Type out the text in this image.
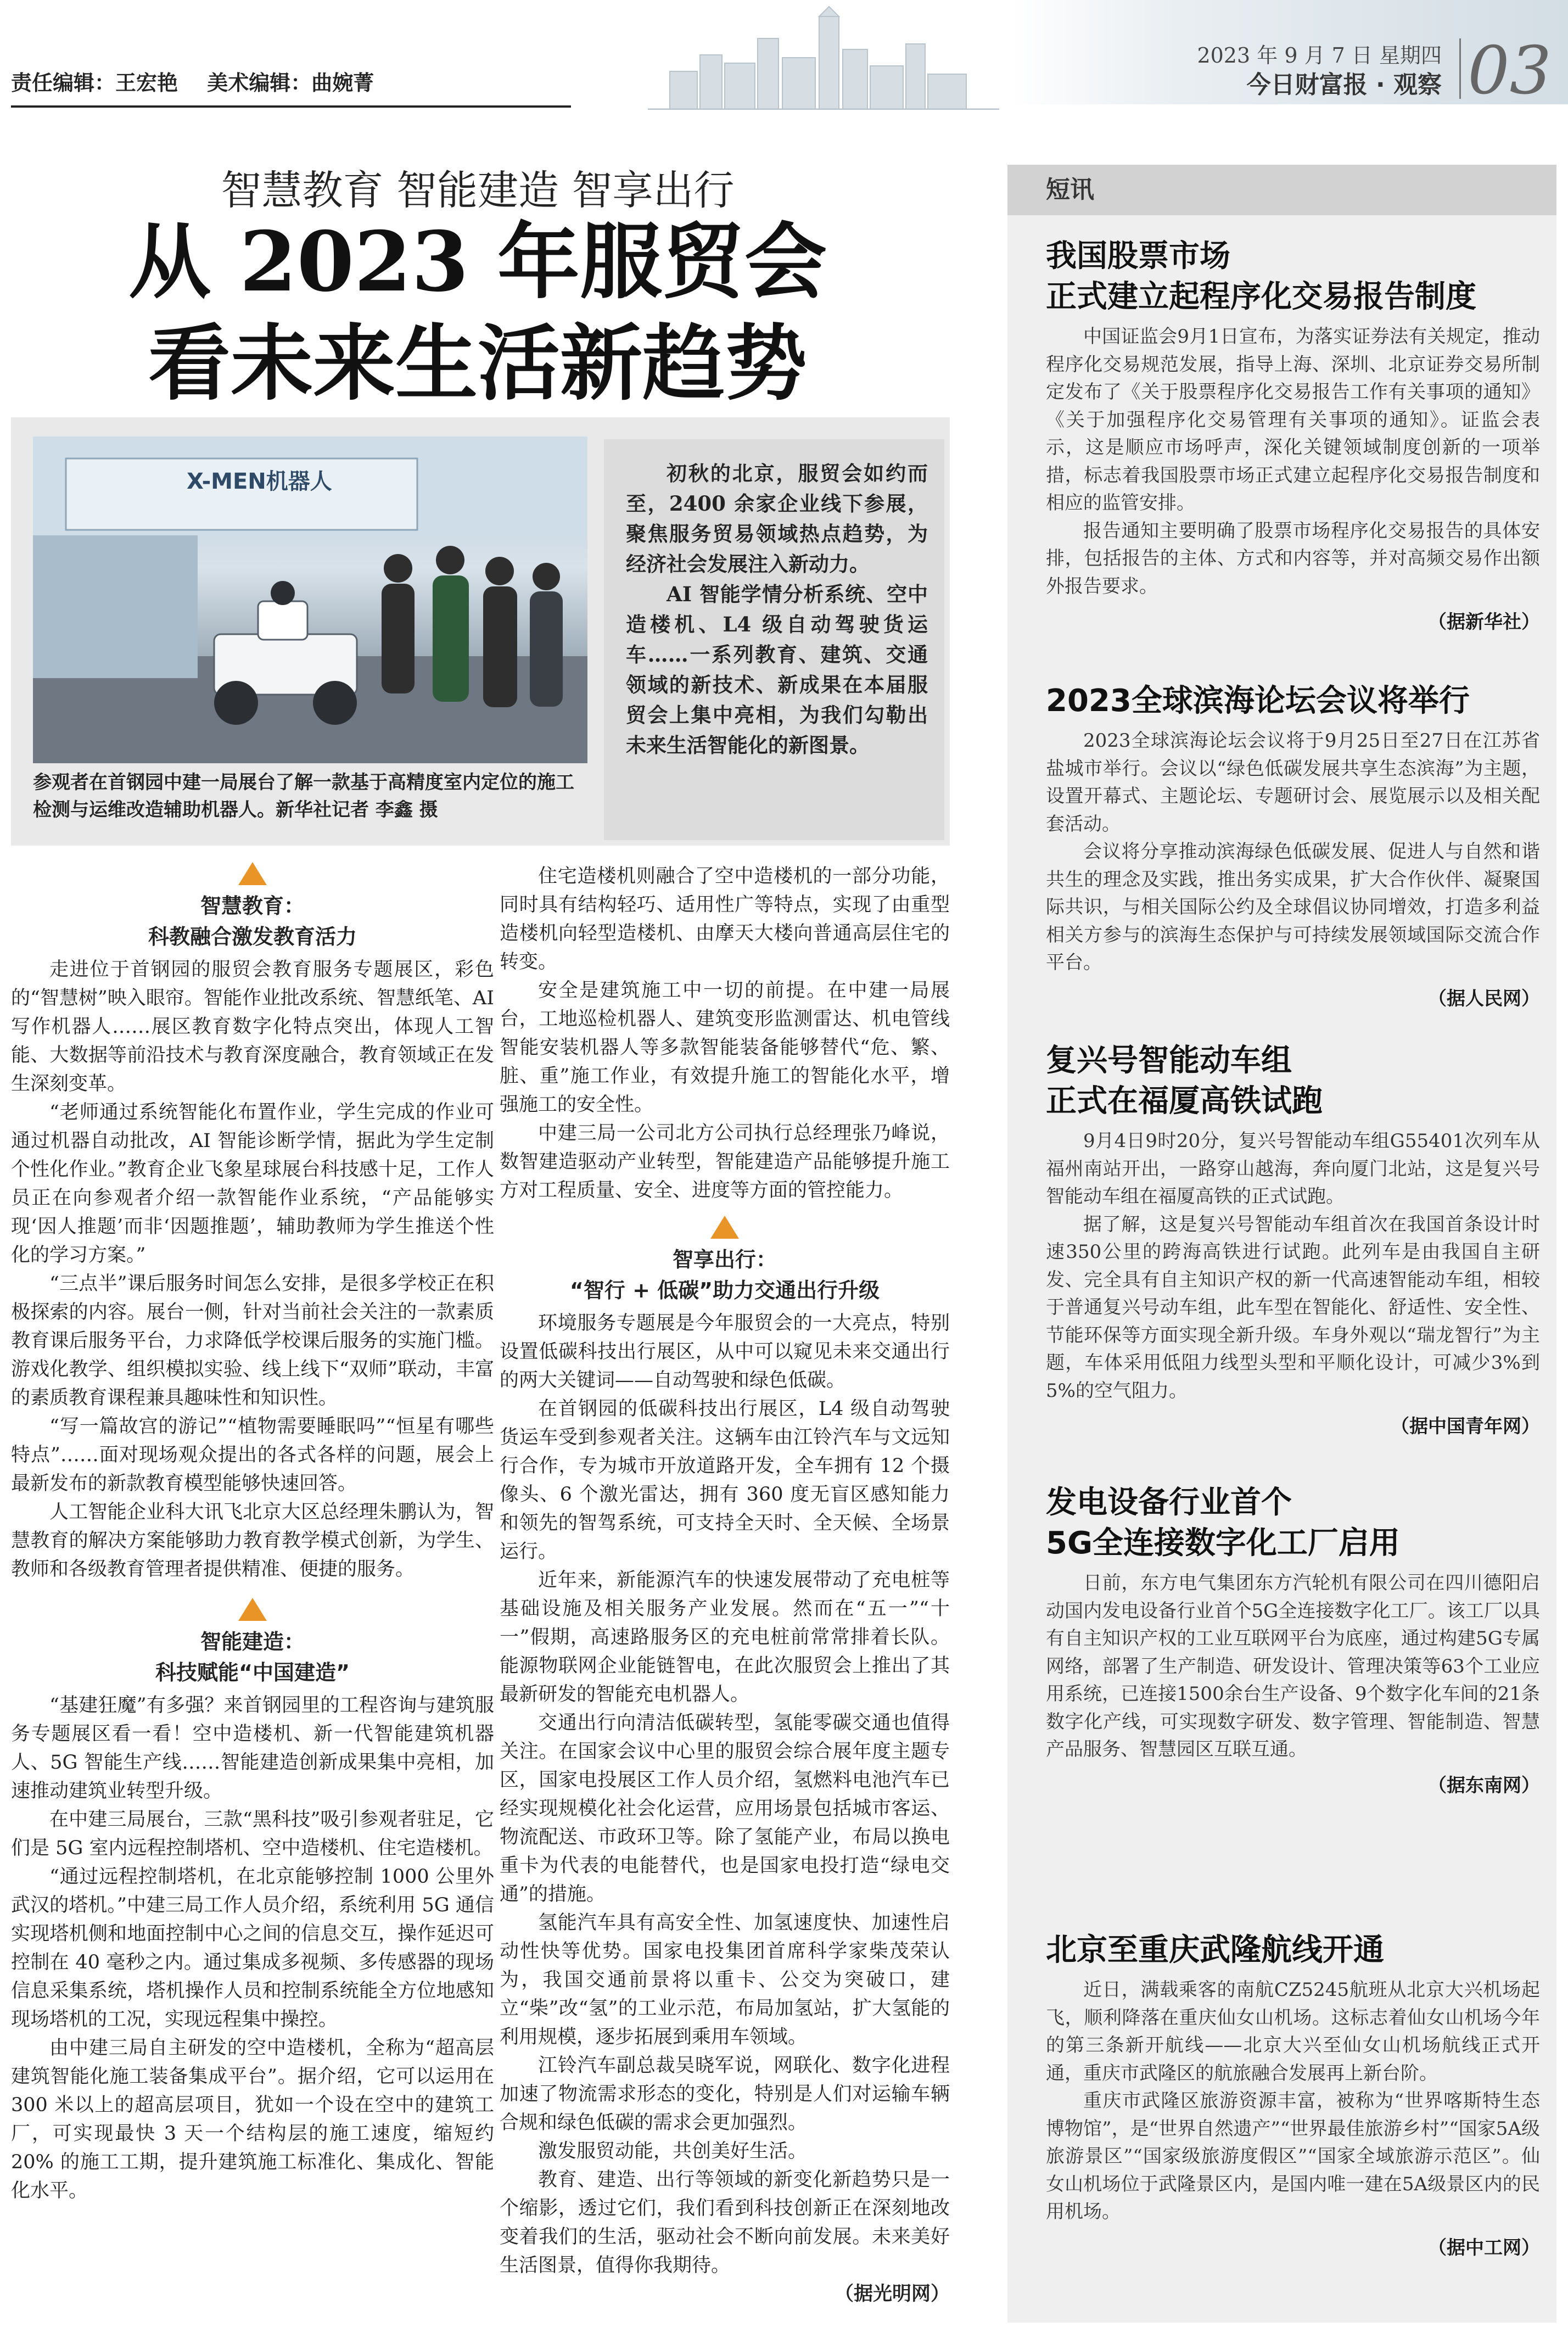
责任编辑：王宏艳 美术编辑：曲婉菁
2023 年 9 月 7 日 星期四
今日财富报 · 观察 03
智慧教育 智能建造 智享出行
从 2023 年服贸会
看未来生活新趋势
X-MEN机器人
参观者在首钢园中建一局展台了解一款基于高精度室内定位的施工检测与运维改造辅助机器人。新华社记者 李鑫 摄

初秋的北京，服贸会如约而至，2400 余家企业线下参展，聚焦服务贸易领域热点趋势，为经济社会发展注入新动力。

AI 智能学情分析系统、空中造楼机、L4 级自动驾驶货运车……一系列教育、建筑、交通领域的新技术、新成果在本届服贸会上集中亮相，为我们勾勒出未来生活智能化的新图景。

智慧教育：
科教融合激发教育活力

走进位于首钢园的服贸会教育服务专题展区，彩色的“智慧树”映入眼帘。智能作业批改系统、智慧纸笔、AI 写作机器人……展区教育数字化特点突出，体现人工智能、大数据等前沿技术与教育深度融合，教育领域正在发生深刻变革。

“老师通过系统智能化布置作业，学生完成的作业可通过机器自动批改，AI 智能诊断学情，据此为学生定制个性化作业。”教育企业飞象星球展台科技感十足，工作人员正在向参观者介绍一款智能作业系统，“产品能够实现‘因人推题’而非‘因题推题’，辅助教师为学生推送个性化的学习方案。”

“三点半”课后服务时间怎么安排，是很多学校正在积极探索的内容。展台一侧，针对当前社会关注的一款素质教育课后服务平台，力求降低学校课后服务的实施门槛。游戏化教学、组织模拟实验、线上线下“双师”联动，丰富的素质教育课程兼具趣味性和知识性。

“写一篇故宫的游记”“植物需要睡眠吗”“恒星有哪些特点”……面对现场观众提出的各式各样的问题，展会上最新发布的新款教育模型能够快速回答。

人工智能企业科大讯飞北京大区总经理朱鹏认为，智慧教育的解决方案能够助力教育教学模式创新，为学生、教师和各级教育管理者提供精准、便捷的服务。

智能建造：
科技赋能“中国建造”

“基建狂魔”有多强？来首钢园里的工程咨询与建筑服务专题展区看一看！空中造楼机、新一代智能建筑机器人、5G 智能生产线……智能建造创新成果集中亮相，加速推动建筑业转型升级。

在中建三局展台，三款“黑科技”吸引参观者驻足，它们是 5G 室内远程控制塔机、空中造楼机、住宅造楼机。

“通过远程控制塔机，在北京能够控制 1000 公里外武汉的塔机。”中建三局工作人员介绍，系统利用 5G 通信实现塔机侧和地面控制中心之间的信息交互，操作延迟可控制在 40 毫秒之内。通过集成多视频、多传感器的现场信息采集系统，塔机操作人员和控制系统能全方位地感知现场塔机的工况，实现远程集中操控。

由中建三局自主研发的空中造楼机，全称为“超高层建筑智能化施工装备集成平台”。据介绍，它可以运用在 300 米以上的超高层项目，犹如一个设在空中的建筑工厂，可实现最快 3 天一个结构层的施工速度，缩短约 20% 的施工工期，提升建筑施工标准化、集成化、智能化水平。

住宅造楼机则融合了空中造楼机的一部分功能，同时具有结构轻巧、适用性广等特点，实现了由重型造楼机向轻型造楼机、由摩天大楼向普通高层住宅的转变。

安全是建筑施工中一切的前提。在中建一局展台，工地巡检机器人、建筑变形监测雷达、机电管线智能安装机器人等多款智能装备能够替代“危、繁、脏、重”施工作业，有效提升施工的智能化水平，增强施工的安全性。

中建三局一公司北方公司执行总经理张乃峰说，数智建造驱动产业转型，智能建造产品能够提升施工方对工程质量、安全、进度等方面的管控能力。

智享出行：
“智行 + 低碳”助力交通出行升级

环境服务专题展是今年服贸会的一大亮点，特别设置低碳科技出行展区，从中可以窥见未来交通出行的两大关键词——自动驾驶和绿色低碳。

在首钢园的低碳科技出行展区，L4 级自动驾驶货运车受到参观者关注。这辆车由江铃汽车与文远知行合作，专为城市开放道路开发，全车拥有 12 个摄像头、6 个激光雷达，拥有 360 度无盲区感知能力和领先的智驾系统，可支持全天时、全天候、全场景运行。

近年来，新能源汽车的快速发展带动了充电桩等基础设施及相关服务产业发展。然而在“五一”“十一”假期，高速路服务区的充电桩前常常排着长队。能源物联网企业能链智电，在此次服贸会上推出了其最新研发的智能充电机器人。

交通出行向清洁低碳转型，氢能零碳交通也值得关注。在国家会议中心里的服贸会综合展年度主题专区，国家电投展区工作人员介绍，氢燃料电池汽车已经实现规模化社会化运营，应用场景包括城市客运、物流配送、市政环卫等。除了氢能产业，布局以换电重卡为代表的电能替代，也是国家电投打造“绿电交通”的措施。

氢能汽车具有高安全性、加氢速度快、加速性启动性快等优势。国家电投集团首席科学家柴茂荣认为，我国交通前景将以重卡、公交为突破口，建立“柴”改“氢”的工业示范，布局加氢站，扩大氢能的利用规模，逐步拓展到乘用车领域。

江铃汽车副总裁吴晓军说，网联化、数字化进程加速了物流需求形态的变化，特别是人们对运输车辆合规和绿色低碳的需求会更加强烈。

激发服贸动能，共创美好生活。

教育、建造、出行等领域的新变化新趋势只是一个缩影，透过它们，我们看到科技创新正在深刻地改变着我们的生活，驱动社会不断向前发展。未来美好生活图景，值得你我期待。

（据光明网）
短讯
我国股票市场
正式建立起程序化交易报告制度

中国证监会9月1日宣布，为落实证券法有关规定，推动程序化交易规范发展，指导上海、深圳、北京证券交易所制定发布了《关于股票程序化交易报告工作有关事项的通知》《关于加强程序化交易管理有关事项的通知》。证监会表示，这是顺应市场呼声，深化关键领域制度创新的一项举措，标志着我国股票市场正式建立起程序化交易报告制度和相应的监管安排。

报告通知主要明确了股票市场程序化交易报告的具体安排，包括报告的主体、方式和内容等，并对高频交易作出额外报告要求。

（据新华社）
2023全球滨海论坛会议将举行

2023全球滨海论坛会议将于9月25日至27日在江苏省盐城市举行。会议以“绿色低碳发展共享生态滨海”为主题，设置开幕式、主题论坛、专题研讨会、展览展示以及相关配套活动。

会议将分享推动滨海绿色低碳发展、促进人与自然和谐共生的理念及实践，推出务实成果，扩大合作伙伴、凝聚国际共识，与相关国际公约及全球倡议协同增效，打造多利益相关方参与的滨海生态保护与可持续发展领域国际交流合作平台。

（据人民网）
复兴号智能动车组
正式在福厦高铁试跑

9月4日9时20分，复兴号智能动车组G55401次列车从福州南站开出，一路穿山越海，奔向厦门北站，这是复兴号智能动车组在福厦高铁的正式试跑。

据了解，这是复兴号智能动车组首次在我国首条设计时速350公里的跨海高铁进行试跑。此列车是由我国自主研发、完全具有自主知识产权的新一代高速智能动车组，相较于普通复兴号动车组，此车型在智能化、舒适性、安全性、节能环保等方面实现全新升级。车身外观以“瑞龙智行”为主题，车体采用低阻力线型头型和平顺化设计，可减少3%到5%的空气阻力。

（据中国青年网）
发电设备行业首个
5G全连接数字化工厂启用

日前，东方电气集团东方汽轮机有限公司在四川德阳启动国内发电设备行业首个5G全连接数字化工厂。该工厂以具有自主知识产权的工业互联网平台为底座，通过构建5G专属网络，部署了生产制造、研发设计、管理决策等63个工业应用系统，已连接1500余台生产设备、9个数字化车间的21条数字化产线，可实现数字研发、数字管理、智能制造、智慧产品服务、智慧园区互联互通。

（据东南网）
北京至重庆武隆航线开通

近日，满载乘客的南航CZ5245航班从北京大兴机场起飞，顺利降落在重庆仙女山机场。这标志着仙女山机场今年的第三条新开航线——北京大兴至仙女山机场航线正式开通，重庆市武隆区的航旅融合发展再上新台阶。

重庆市武隆区旅游资源丰富，被称为“世界喀斯特生态博物馆”，是“世界自然遗产”“世界最佳旅游乡村”“国家5A级旅游景区”“国家级旅游度假区”“国家全域旅游示范区”。仙女山机场位于武隆景区内，是国内唯一建在5A级景区内的民用机场。

（据中工网）
